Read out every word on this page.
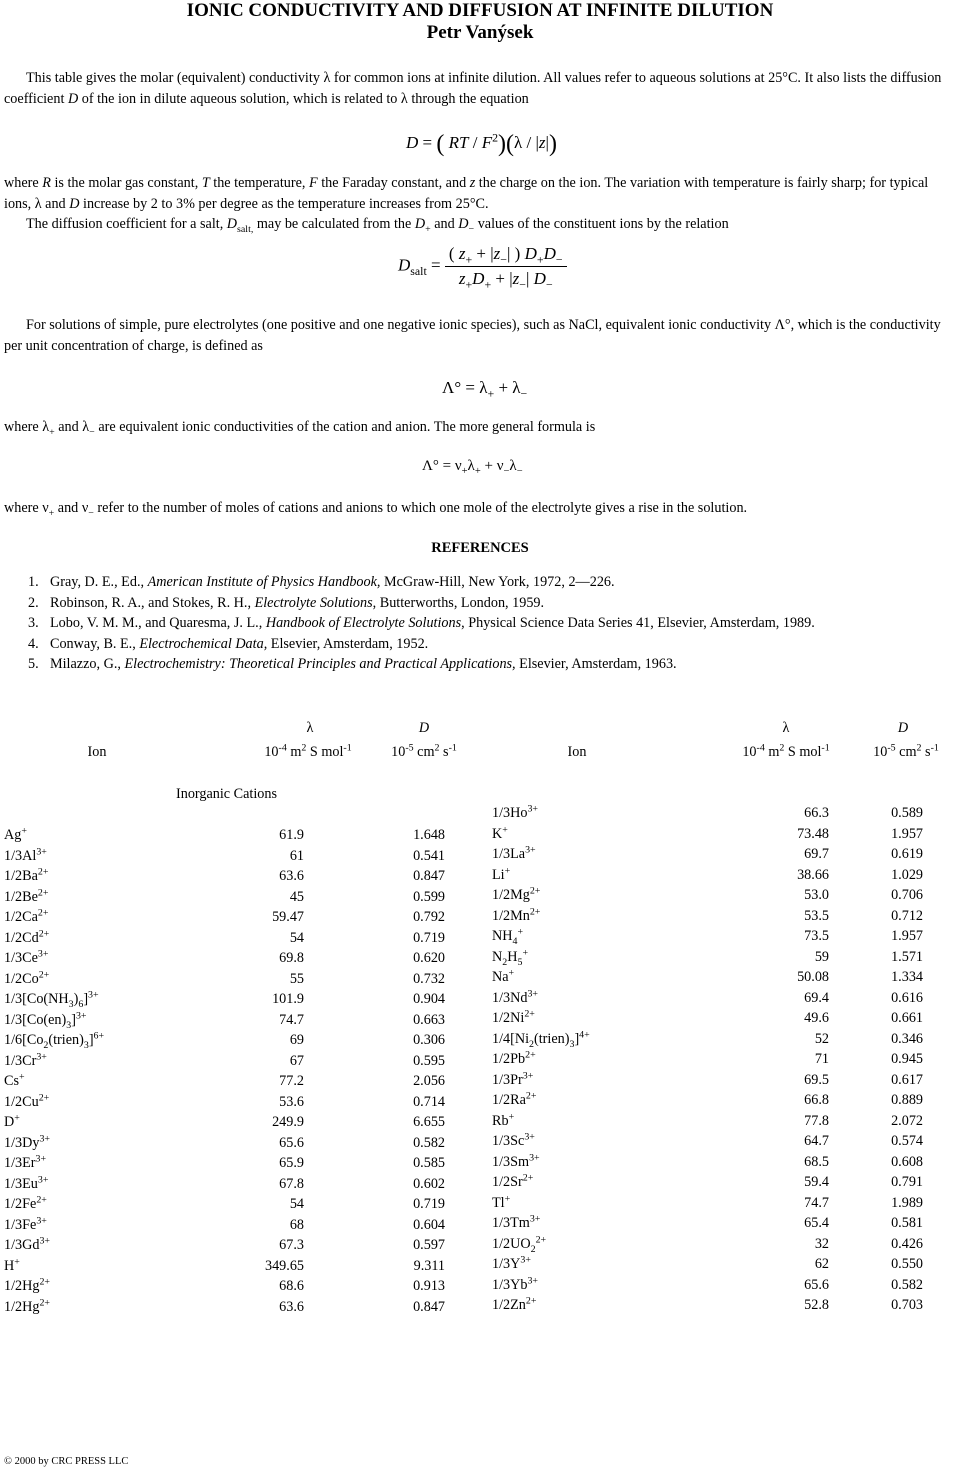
IONIC CONDUCTIVITY AND DIFFUSION AT INFINITE DILUTION
Petr Vanýsek

This table gives the molar (equivalent) conductivity λ for common ions at infinite dilution. All values refer to aqueous solutions at 25°C. It also lists the diffusion coefficient D of the ion in dilute aqueous solution, which is related to λ through the equation

D = ( RT / $F^2)(\lambda / |z|)$

where R is the molar gas constant, T the temperature, F the Faraday constant, and z the charge on the ion. The variation with temperature is fairly sharp; for typical ions, λ and D increase by 2 to 3% per degree as the temperature increases from 25°C.

The diffusion coefficient for a salt, $D_{salt,}$ may be calculated from the $D_+$ and $D_-$ values of the constituent ions by the relation

$D_{salt} = \frac{( z_+ + |z_-| ) D_+D_-}{z_+D_+ + |z_-| D_-}$

For solutions of simple, pure electrolytes (one positive and one negative ionic species), such as NaCl, equivalent ionic conductivity Λ°, which is the conductivity per unit concentration of charge, is defined as

$\Lambda^\circ = \lambda_+ + \lambda_-$

where $\lambda_+$ and $\lambda_-$ are equivalent ionic conductivities of the cation and anion. The more general formula is

$\Lambda^\circ = \nu_+\lambda_+ + \nu_-\lambda_-$

where $\nu_+$ and $\nu_-$ refer to the number of moles of cations and anions to which one mole of the electrolyte gives a rise in the solution.

REFERENCES
1. Gray, D. E., Ed., American Institute of Physics Handbook, McGraw-Hill, New York, 1972, 2—226.
2. Robinson, R. A., and Stokes, R. H., Electrolyte Solutions, Butterworths, London, 1959.
3. Lobo, V. M. M., and Quaresma, J. L., Handbook of Electrolyte Solutions, Physical Science Data Series 41, Elsevier, Amsterdam, 1989.
4. Conway, B. E., Electrochemical Data, Elsevier, Amsterdam, 1952.
5. Milazzo, G., Electrochemistry: Theoretical Principles and Practical Applications, Elsevier, Amsterdam, 1963.
λ	D
Ion	$10^{-4}$ $m^2$ S mol$^{-1}$	$10^{-5}$ $cm^2$ $s^{-1}$
λ	D
Ion	$10^{-4}$ $m^2$ S mol$^{-1}$	$10^{-5}$ $cm^2$ $s^{-1}$
Inorganic Cations
Ag+	61.9	1.648
$1/3Al^{3+}$	61	0.541
$1/2Ba^{2+}$	63.6	0.847
$1/2Be^{2+}$	45	0.599
$1/2Ca^{2+}$	59.47	0.792
$1/2Cd^{2+}$	54	0.719
$1/3Ce^{3+}$	69.8	0.620
$1/2Co^{2+}$	55	0.732
$1/3[Co(NH_3)_6]^{3+}$	101.9	0.904
$1/3[Co(en)_3]^{3+}$	74.7	0.663
$1/6[Co_2(trien)_3]^{6+}$	69	0.306
$1/3Cr^{3+}$	67	0.595
Cs+	77.2	2.056
$1/2Cu^{2+}$	53.6	0.714
D+	249.9	6.655
$1/3Dy^{3+}$	65.6	0.582
$1/3Er^{3+}$	65.9	0.585
$1/3Eu^{3+}$	67.8	0.602
$1/2Fe^{2+}$	54	0.719
$1/3Fe^{3+}$	68	0.604
$1/3Gd^{3+}$	67.3	0.597
H+	349.65	9.311
$1/2Hg^{2+}$	68.6	0.913
$1/2Hg^{2+}$	63.6	0.847
$1/3Ho^{3+}$	66.3	0.589
K+	73.48	1.957
$1/3La^{3+}$	69.7	0.619
Li+	38.66	1.029
$1/2Mg^{2+}$	53.0	0.706
$1/2Mn^{2+}$	53.5	0.712
$NH_4^+$	73.5	1.957
$N_2H_5^+$	59	1.571
Na+	50.08	1.334
$1/3Nd^{3+}$	69.4	0.616
$1/2Ni^{2+}$	49.6	0.661
$1/4[Ni_2(trien)_3]^{4+}$	52	0.346
$1/2Pb^{2+}$	71	0.945
$1/3Pr^{3+}$	69.5	0.617
$1/2Ra^{2+}$	66.8	0.889
Rb+	77.8	2.072
$1/3Sc^{3+}$	64.7	0.574
$1/3Sm^{3+}$	68.5	0.608
$1/2Sr^{2+}$	59.4	0.791
Tl+	74.7	1.989
$1/3Tm^{3+}$	65.4	0.581
$1/2UO_2^{2+}$	32	0.426
$1/3Y^{3+}$	62	0.550
$1/3Yb^{3+}$	65.6	0.582
$1/2Zn^{2+}$	52.8	0.703
© 2000 by CRC PRESS LLC
